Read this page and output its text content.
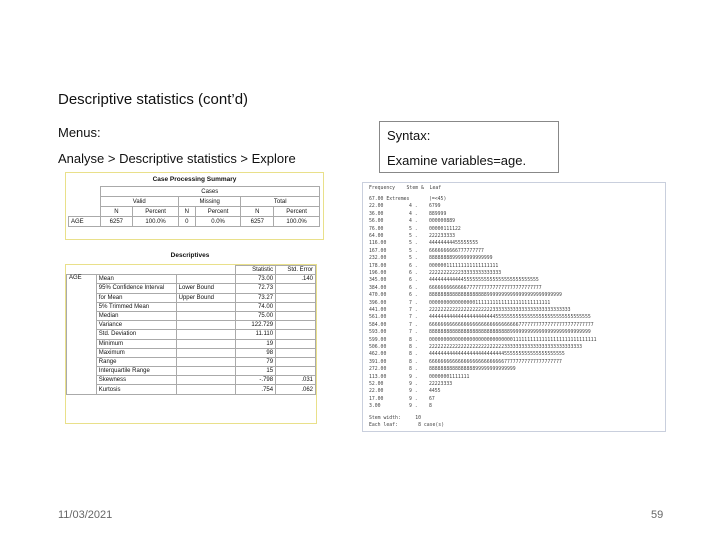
Descriptive statistics (cont’d)
Menus:
Analyse > Descriptive statistics > Explore
Syntax:
Examine variables=age.
Case Processing Summary
	Cases					
	Valid		Missing		Total	
	N	Percent	N	Percent	N	Percent
AGE	6257	100.0%	0	0.0%	6257	100.0%
Descriptives
			Statistic	Std. Error
AGE	Mean		73.00	.140
	95% Confidence Interval	Lower Bound	72.73	
	for Mean	Upper Bound	73.27	
	5% Trimmed Mean		74.00	
	Median		75.00	
	Variance		122.729	
	Std. Deviation		11.110	
	Minimum		19	
	Maximum		98	
	Range		79	
	Interquartile Range		15	
	Skewness		-.798	.031
	Kurtosis		.754	.062
Frequency    Stem &  Leaf
67.00 Extremes	(=<45)
22.00	4 . 6799
36.00	4 . 889999
56.00	4 . 000000889
76.00	5 . 00000111122
64.00	5 . 222233333
116.00	5 . 44444444455555555
167.00	5 . 6666666666777777777
232.00	5 . 8888888899999999999999
178.00	6 . 000000111111111111111111
196.00	6 . 2222222222233333333333333
345.00	6 . 44444444444455555555555555555555555555
384.00	6 . 666666666666677777777777777777777777777
470.00	6 . 8888888888888888888899999999999999999999999999
396.00	7 . 000000000000000011111111111111111111111111
441.00	7 . 2222222222222222222222333333333333333333333333333
561.00	7 . 44444444444444444444444555555555555555555555555555555555
584.00	7 . 666666666666666666666666666666677777777777777777777777777
593.00	7 . 88888888888888888888888888889999999999999999999999999999
599.00	8 . 0000000000000000000000000000011111111111111111111111111111
506.00	8 . 22222222222222222222222222333333333333333333333333333
462.00	8 . 44444444444444444444444444555555555555555555555
391.00	8 . 6666666666666666666666666677777777777777777777
272.00	8 . 888888888888888899999999999999
113.00	9 . 00000001111111
52.00	9 . 22223333
22.00	9 . 4455
17.00	9 . 67
3.00	9 . 8
Stem width:     10
Each leaf:       8 case(s)
11/03/2021	59
